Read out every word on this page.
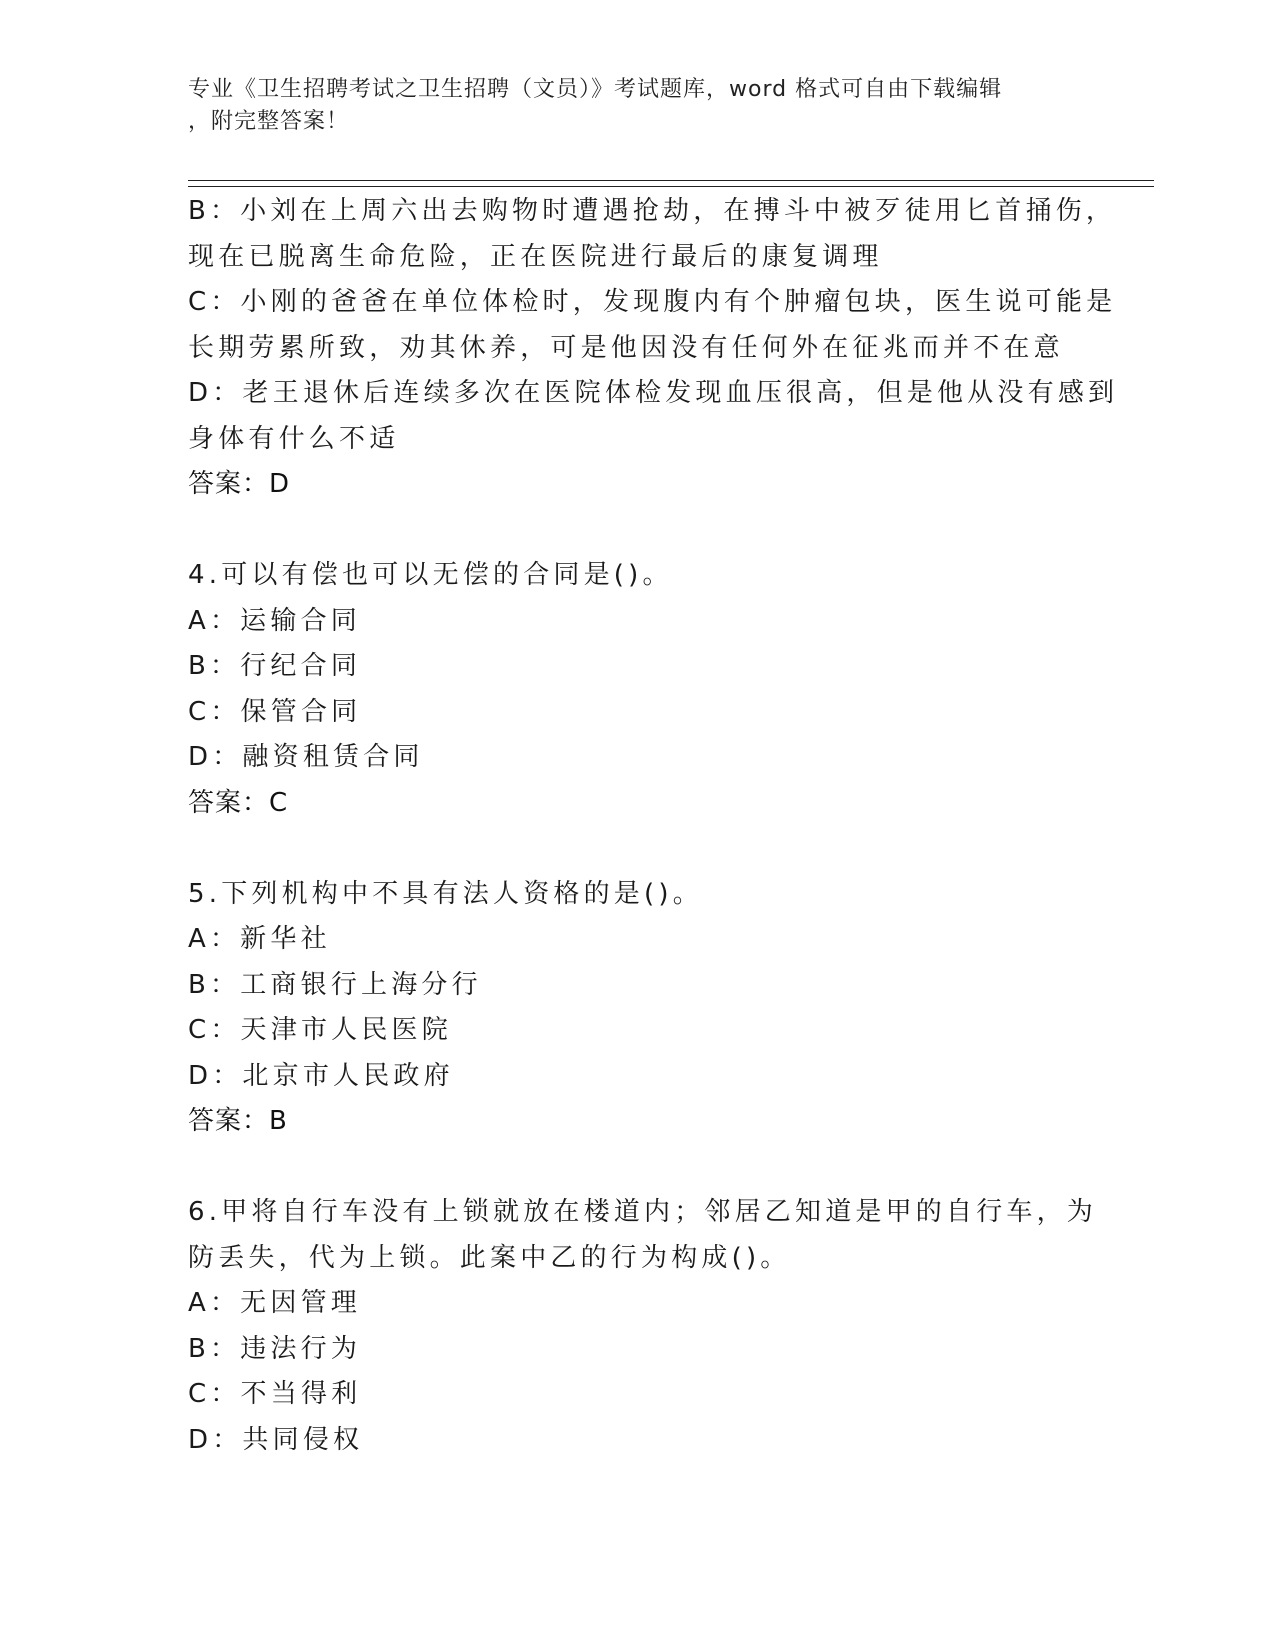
专业《卫生招聘考试之卫生招聘（文员）》考试题库，word 格式可自由下载编辑
，附完整答案！
B：小刘在上周六出去购物时遭遇抢劫，在搏斗中被歹徒用匕首捅伤，
现在已脱离生命危险，正在医院进行最后的康复调理
C：小刚的爸爸在单位体检时，发现腹内有个肿瘤包块，医生说可能是
长期劳累所致，劝其休养，可是他因没有任何外在征兆而并不在意
D：老王退休后连续多次在医院体检发现血压很高，但是他从没有感到
身体有什么不适
答案：D
4.可以有偿也可以无偿的合同是()。
A：运输合同
B：行纪合同
C：保管合同
D：融资租赁合同
答案：C
5.下列机构中不具有法人资格的是()。
A：新华社
B：工商银行上海分行
C：天津市人民医院
D：北京市人民政府
答案：B
6.甲将自行车没有上锁就放在楼道内；邻居乙知道是甲的自行车，为
防丢失，代为上锁。此案中乙的行为构成()。
A：无因管理
B：违法行为
C：不当得利
D：共同侵权
